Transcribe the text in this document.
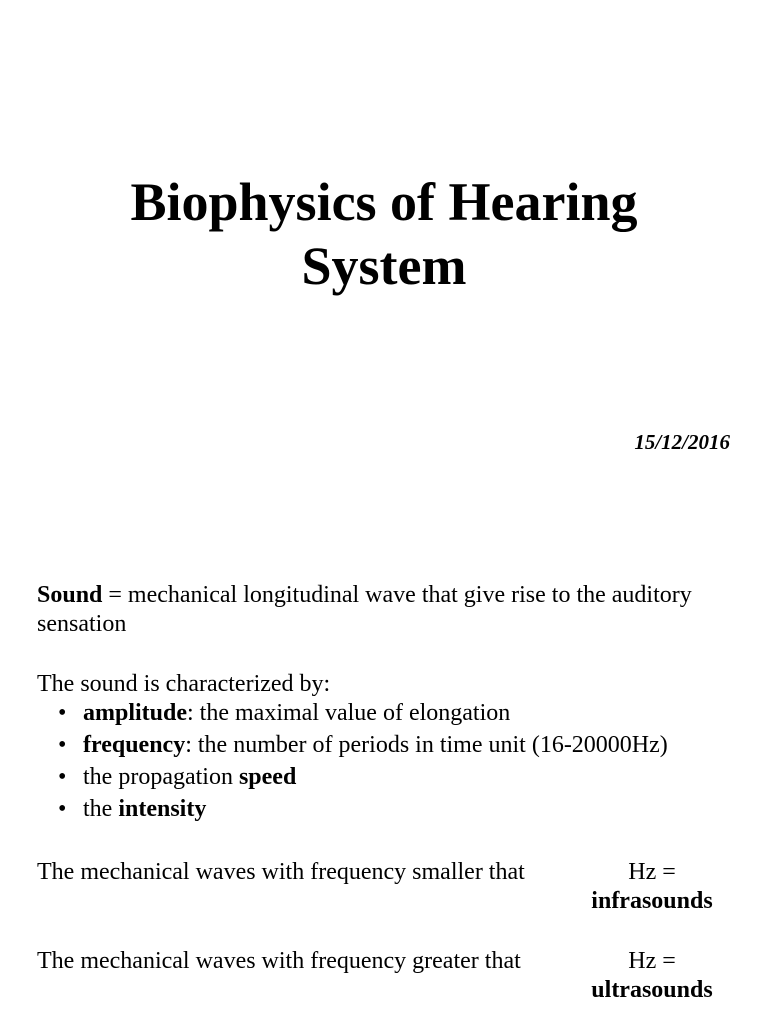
Biophysics of Hearing
System
15/12/2016
Sound = mechanical longitudinal wave that give rise to the auditory sensation
The sound is characterized by:
• amplitude: the maximal value of elongation
• frequency: the number of periods in time unit (16-20000Hz)
• the propagation speed
• the intensity
The mechanical waves with frequency smaller that	Hz =
infrasounds
The mechanical waves with frequency greater that	Hz =
ultrasounds
